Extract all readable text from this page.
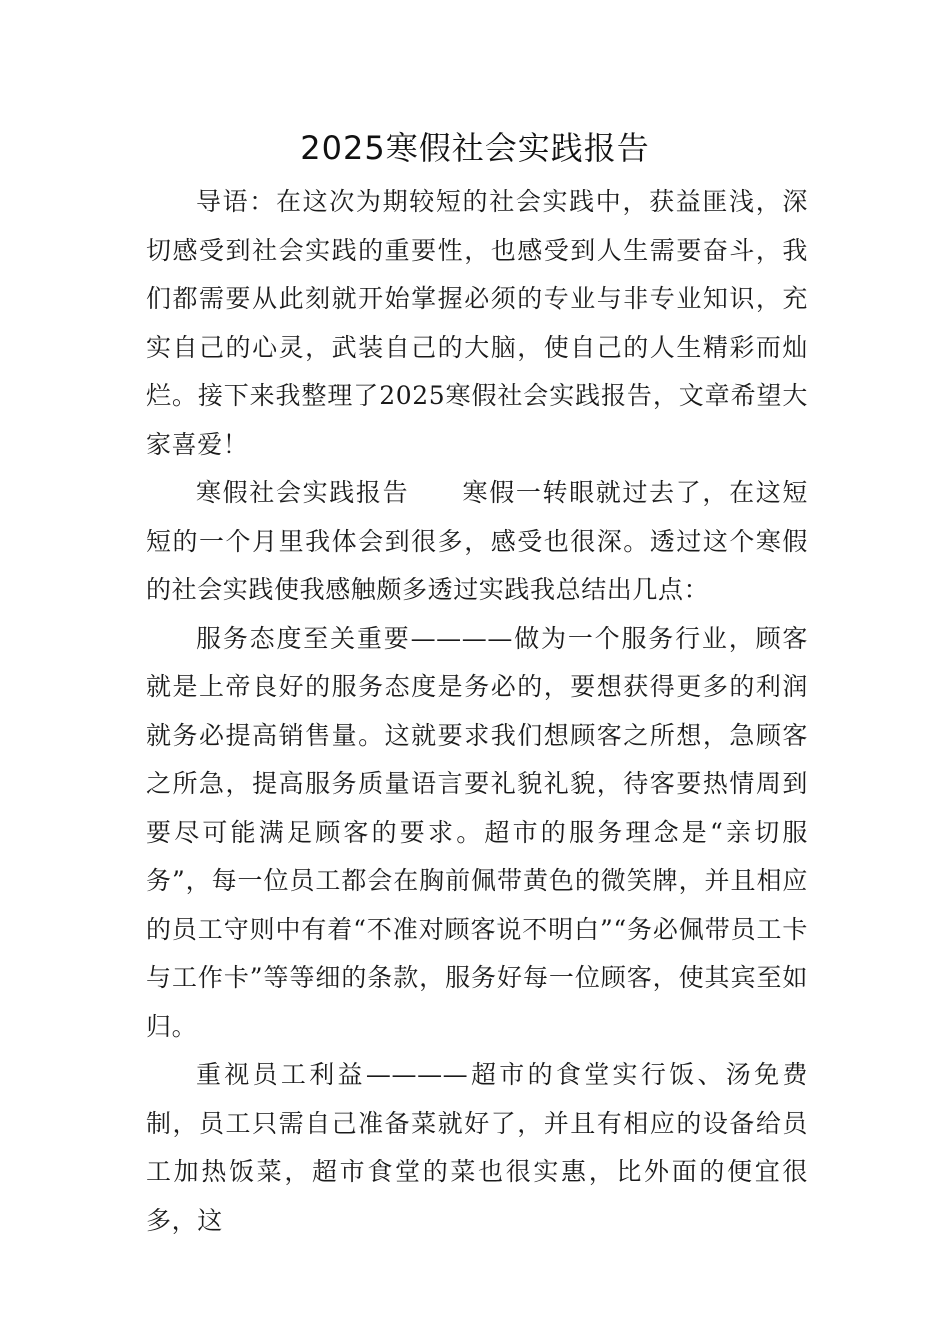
2025寒假社会实践报告

导语：在这次为期较短的社会实践中，获益匪浅，深切感受到社会实践的重要性，也感受到人生需要奋斗，我们都需要从此刻就开始掌握必须的专业与非专业知识，充实自己的心灵，武装自己的大脑，使自己的人生精彩而灿烂。接下来我整理了2025寒假社会实践报告，文章希望大家喜爱！

寒假社会实践报告　　寒假一转眼就过去了，在这短短的一个月里我体会到很多，感受也很深。透过这个寒假的社会实践使我感触颇多透过实践我总结出几点：

服务态度至关重要————做为一个服务行业，顾客就是上帝良好的服务态度是务必的，要想获得更多的利润就务必提高销售量。这就要求我们想顾客之所想，急顾客之所急，提高服务质量语言要礼貌礼貌，待客要热情周到要尽可能满足顾客的要求。超市的服务理念是“亲切服务”，每一位员工都会在胸前佩带黄色的微笑牌，并且相应的员工守则中有着“不准对顾客说不明白”“务必佩带员工卡与工作卡”等等细的条款，服务好每一位顾客，使其宾至如归。

重视员工利益————超市的食堂实行饭、汤免费制，员工只需自己准备菜就好了，并且有相应的设备给员工加热饭菜，超市食堂的菜也很实惠，比外面的便宜很多，这
